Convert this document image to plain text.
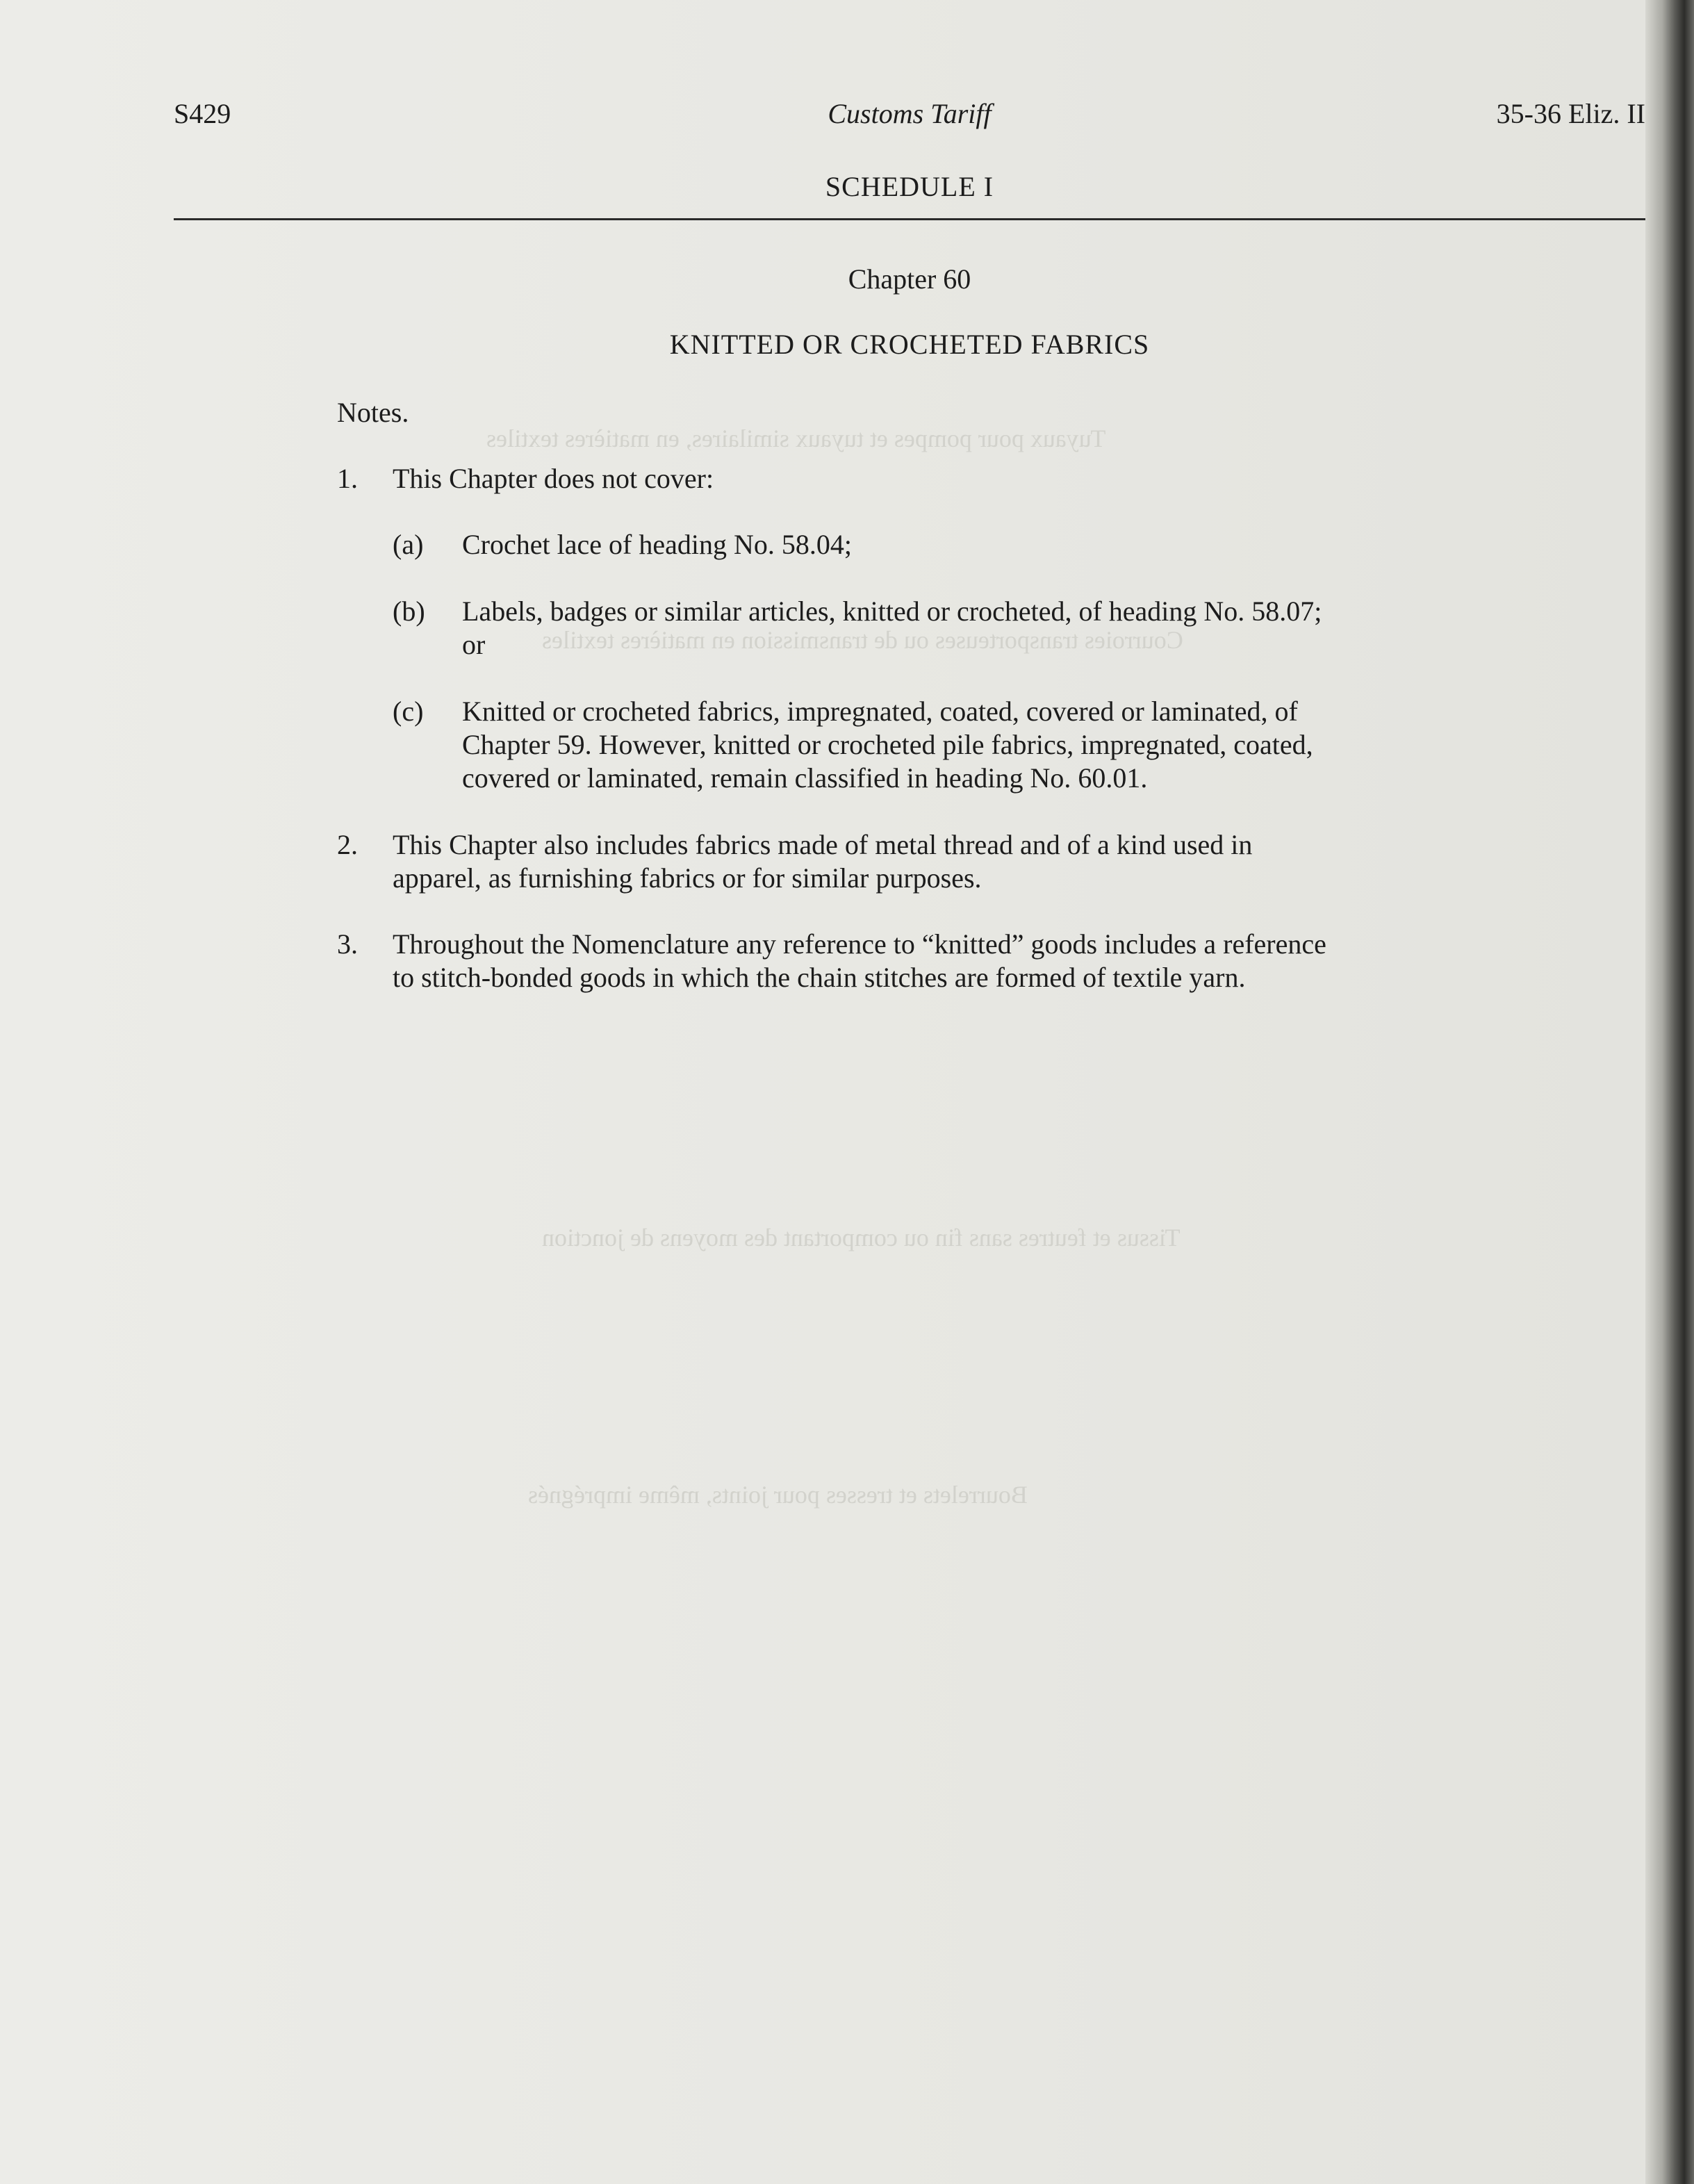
Tuyaux pour pompes et tuyaux similaires, en matières textiles
Courroies transporteuses ou de transmission en matières textiles
Tissus et feutres sans fin ou comportant des moyens de jonction
Bourrelets et tresses pour joints, même imprégnés
S429	Customs Tariff	35-36 Eliz. II
SCHEDULE I
Chapter 60
KNITTED OR CROCHETED FABRICS
Notes.
1. This Chapter does not cover:
(a) Crochet lace of heading No. 58.04;
(b) Labels, badges or similar articles, knitted or crocheted, of heading No. 58.07;
or
(c) Knitted or crocheted fabrics, impregnated, coated, covered or laminated, of
Chapter 59. However, knitted or crocheted pile fabrics, impregnated, coated,
covered or laminated, remain classified in heading No. 60.01.
2. This Chapter also includes fabrics made of metal thread and of a kind used in
apparel, as furnishing fabrics or for similar purposes.
3. Throughout the Nomenclature any reference to “knitted” goods includes a reference
to stitch-bonded goods in which the chain stitches are formed of textile yarn.
